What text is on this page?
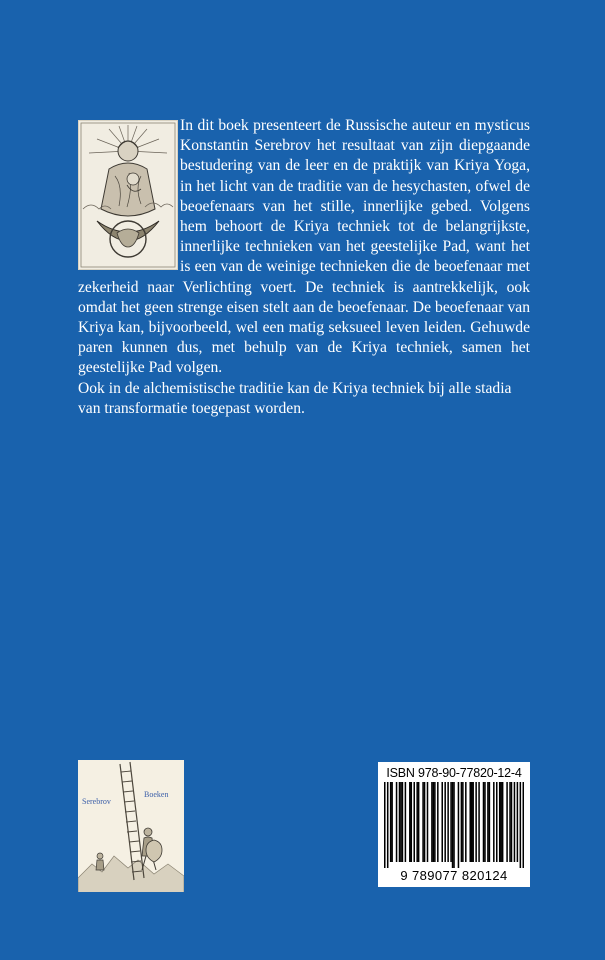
In dit boek presenteert de Russische auteur en mysticus Konstantin Serebrov het resultaat van zijn diepgaande bestudering van de leer en de praktijk van Kriya Yoga, in het licht van de traditie van de hesychasten, ofwel de beoefenaars van het stille, innerlijke gebed. Volgens hem behoort de Kriya techniek tot de belangrijkste, innerlijke technieken van het geestelijke Pad, want het is een van de weinige technieken die de beoefenaar met zekerheid naar Verlichting voert. De techniek is aantrekkelijk, ook omdat het geen strenge eisen stelt aan de beoefenaar. De beoefenaar van Kriya kan, bijvoorbeeld, wel een matig seksueel leven leiden. Gehuwde paren kunnen dus, met behulp van de Kriya techniek, samen het geestelijke Pad volgen.

Ook in de alchemistische traditie kan de Kriya techniek bij alle stadia van transformatie toegepast worden.

Serebrov
Boeken
ISBN 978-90-77820-12-4
9 789077 820124
